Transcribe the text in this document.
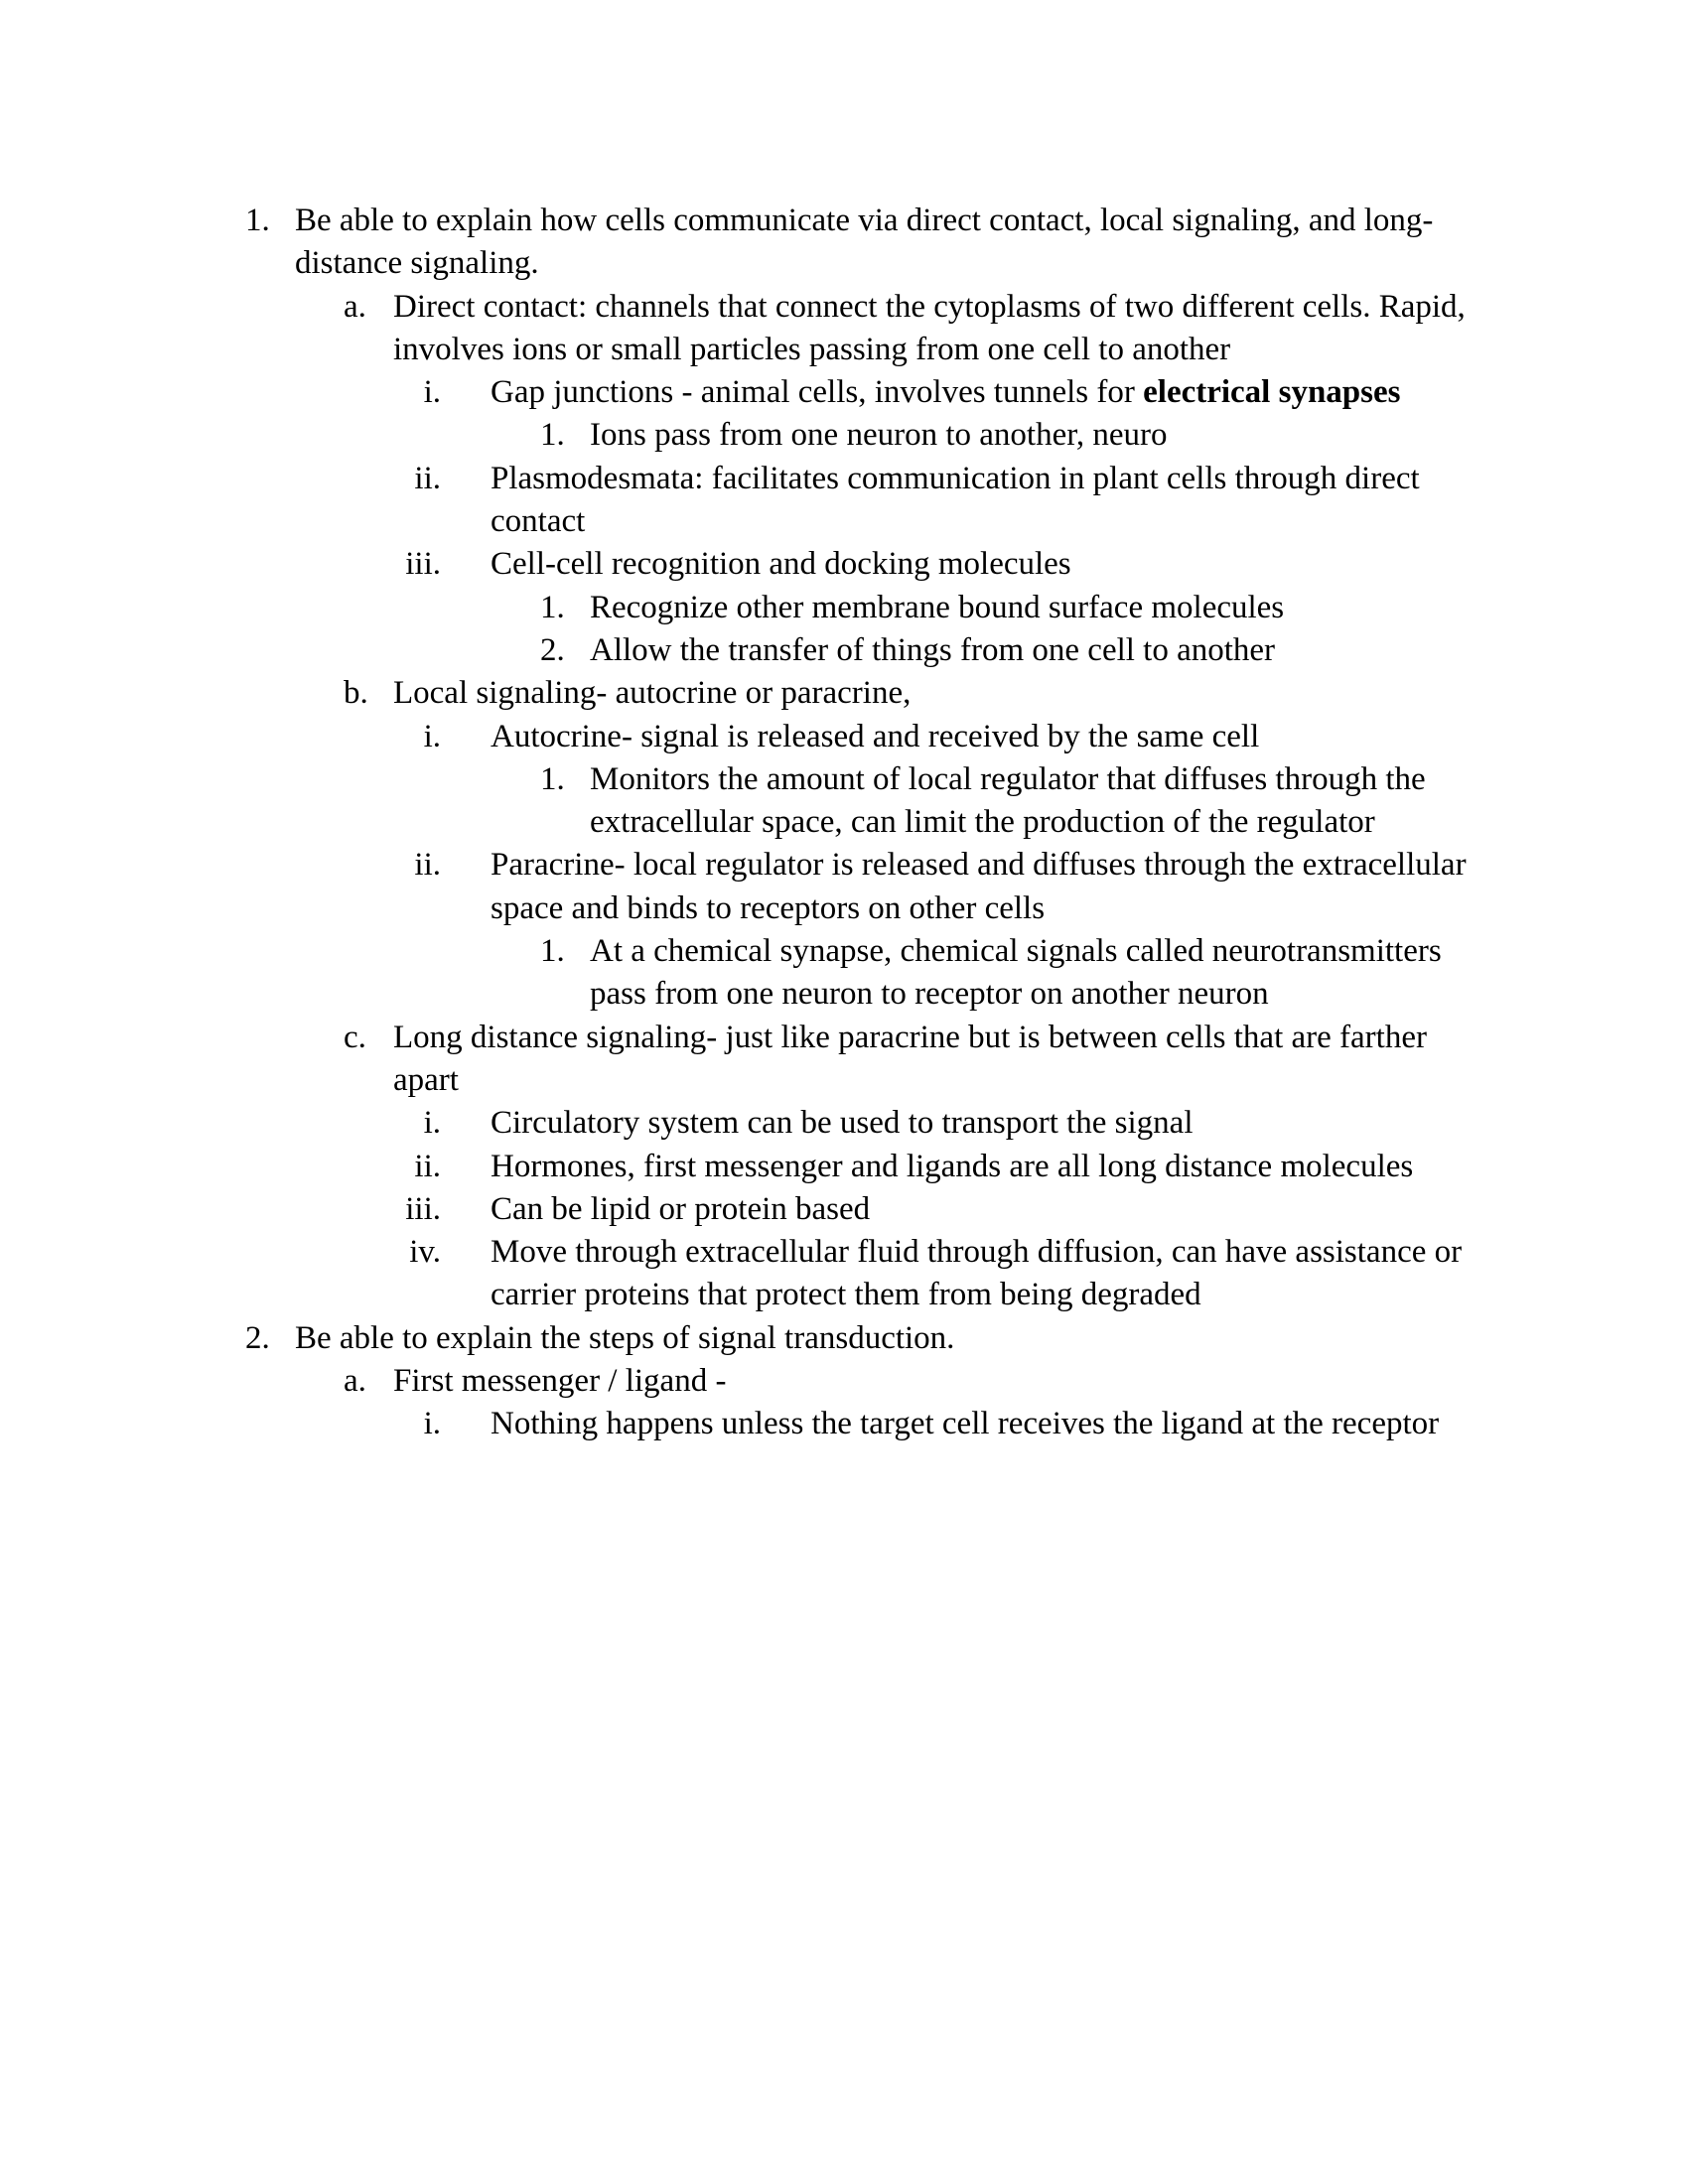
1. Be able to explain how cells communicate via direct contact, local signaling, and long-distance signaling.
a. Direct contact: channels that connect the cytoplasms of two different cells. Rapid, involves ions or small particles passing from one cell to another
i. Gap junctions - animal cells, involves tunnels for electrical synapses
1. Ions pass from one neuron to another, neuro
ii. Plasmodesmata: facilitates communication in plant cells through direct contact
iii. Cell-cell recognition and docking molecules
1. Recognize other membrane bound surface molecules
2. Allow the transfer of things from one cell to another
b. Local signaling- autocrine or paracrine,
i. Autocrine- signal is released and received by the same cell
1. Monitors the amount of local regulator that diffuses through the extracellular space, can limit the production of the regulator
ii. Paracrine- local regulator is released and diffuses through the extracellular space and binds to receptors on other cells
1. At a chemical synapse, chemical signals called neurotransmitters pass from one neuron to receptor on another neuron
c. Long distance signaling- just like paracrine but is between cells that are farther apart
i. Circulatory system can be used to transport the signal
ii. Hormones, first messenger and ligands are all long distance molecules
iii. Can be lipid or protein based
iv. Move through extracellular fluid through diffusion, can have assistance or carrier proteins that protect them from being degraded
2. Be able to explain the steps of signal transduction.
a. First messenger / ligand -
i. Nothing happens unless the target cell receives the ligand at the receptor
